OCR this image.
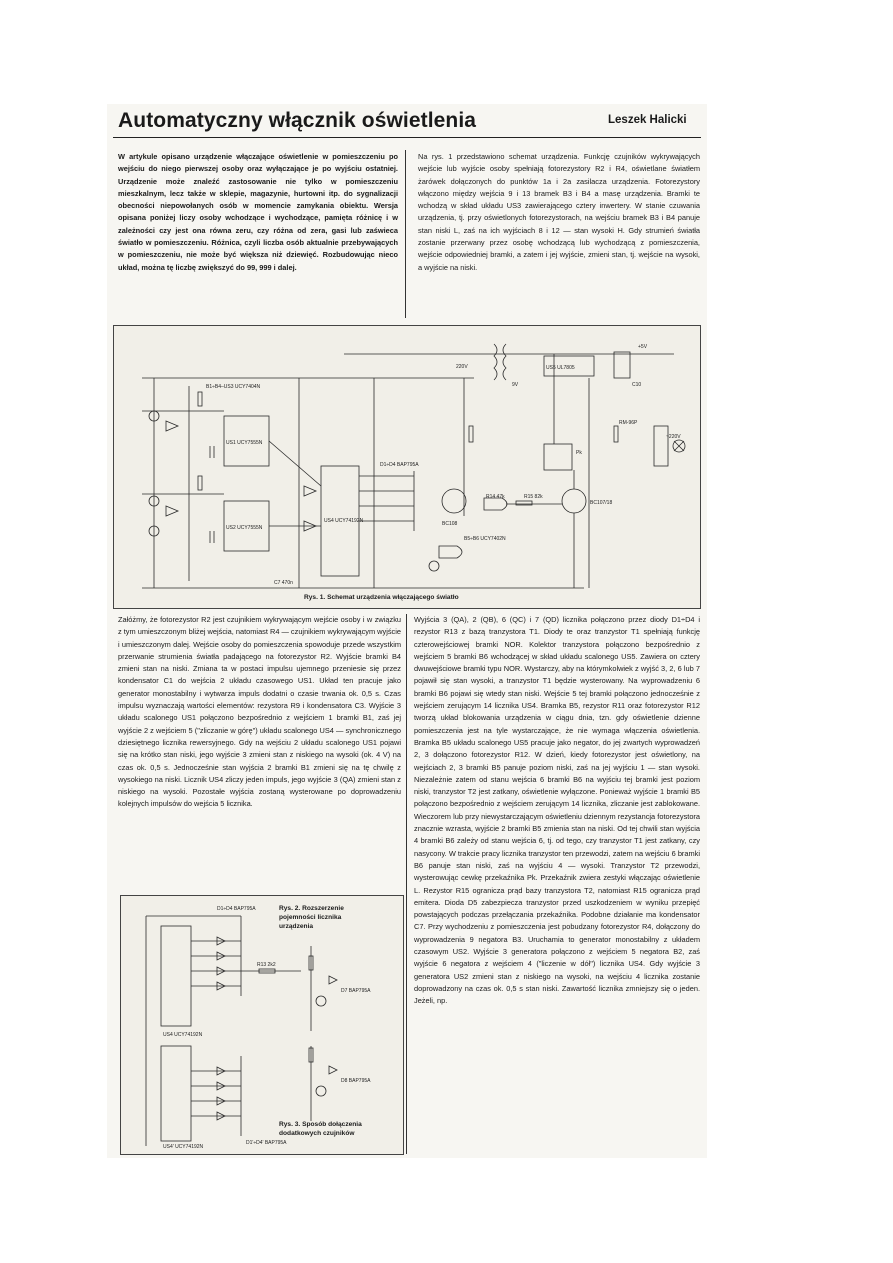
Automatyczny włącznik oświetlenia	Leszek Halicki
W artykule opisano urządzenie włączające oświetlenie w pomieszczeniu po wejściu do niego pierwszej osoby oraz wyłączające je po wyjściu ostatniej. Urządzenie może znaleźć zastosowanie nie tylko w pomieszczeniu mieszkalnym, lecz także w sklepie, magazynie, hurtowni itp. do sygnalizacji obecności niepowołanych osób w momencie zamykania obiektu. Wersja opisana poniżej liczy osoby wchodzące i wychodzące, pamięta różnicę i w zależności czy jest ona równa zeru, czy różna od zera, gasi lub zaświeca światło w pomieszczeniu. Różnica, czyli liczba osób aktualnie przebywających w pomieszczeniu, nie może być większa niż dziewięć. Rozbudowując nieco układ, można tę liczbę zwiększyć do 99, 999 i dalej.
Na rys. 1 przedstawiono schemat urządzenia. Funkcję czujników wykrywających wejście lub wyjście osoby spełniają fotorezystory R2 i R4, oświetlane światłem żarówek dołączonych do punktów 1a i 2a zasilacza urządzenia. Fotorezystory włączono między wejścia 9 i 13 bramek B3 i B4 a masę urządzenia. Bramki te wchodzą w skład układu US3 zawierającego cztery inwertery. W stanie czuwania urządzenia, tj. przy oświetlonych fotorezystorach, na wejściu bramek B3 i B4 panuje stan niski L, zaś na ich wyjściach 8 i 12 — stan wysoki H. Gdy strumień światła zostanie przerwany przez osobę wchodzącą lub wychodzącą z pomieszczenia, wejście odpowiedniej bramki, a zatem i jej wyjście, zmieni stan, tj. wejście na wysoki, a wyjście na niski.
B1÷B4–US3 UCY7404N
US1 UCY7555N
US2 UCY7555N
US4 UCY74192N
US5 UL7805
D1÷D4 BAP795A
B5÷B6 UCY7402N
BC108
BC107/18
Pk
RM-96P
C10
9V
220V
+5V
~220V
R14 47k	R15 82k
C7 470n
Rys. 1. Schemat urządzenia włączającego światło
Załóżmy, że fotorezystor R2 jest czujnikiem wykrywającym wejście osoby i w związku z tym umieszczonym bliżej wejścia, natomiast R4 — czujnikiem wykrywającym wyjście i umieszczonym dalej. Wejście osoby do pomieszczenia spowoduje przede wszystkim przerwanie strumienia światła padającego na fotorezystor R2. Wyjście bramki B4 zmieni stan na niski. Zmiana ta w postaci impulsu ujemnego przeniesie się przez kondensator C1 do wejścia 2 układu czasowego US1. Układ ten pracuje jako generator monostabilny i wytwarza impuls dodatni o czasie trwania ok. 0,5 s. Czas impulsu wyznaczają wartości elementów: rezystora R9 i kondensatora C3. Wyjście 3 układu scalonego US1 połączono bezpośrednio z wejściem 1 bramki B1, zaś jej wyjście 2 z wejściem 5 ("zliczanie w górę") układu scalonego US4 — synchronicznego dziesiętnego licznika rewersyjnego. Gdy na wejściu 2 układu scalonego US1 pojawi się na krótko stan niski, jego wyjście 3 zmieni stan z niskiego na wysoki (ok. 4 V) na czas ok. 0,5 s. Jednocześnie stan wyjścia 2 bramki B1 zmieni się na tę chwilę z wysokiego na niski. Licznik US4 zliczy jeden impuls, jego wyjście 3 (QA) zmieni stan z niskiego na wysoki. Pozostałe wyjścia zostaną wysterowane po doprowadzeniu kolejnych impulsów do wejścia 5 licznika.
Wyjścia 3 (QA), 2 (QB), 6 (QC) i 7 (QD) licznika połączono przez diody D1÷D4 i rezystor R13 z bazą tranzystora T1. Diody te oraz tranzystor T1 spełniają funkcję czterowejściowej bramki NOR. Kolektor tranzystora połączono bezpośrednio z wejściem 5 bramki B6 wchodzącej w skład układu scalonego US5. Zawiera on cztery dwuwejściowe bramki typu NOR. Wystarczy, aby na którymkolwiek z wyjść 3, 2, 6 lub 7 pojawił się stan wysoki, a tranzystor T1 będzie wysterowany. Na wyprowadzeniu 6 bramki B6 pojawi się wtedy stan niski. Wejście 5 tej bramki połączono jednocześnie z wejściem zerującym 14 licznika US4. Bramka B5, rezystor R11 oraz fotorezystor R12 tworzą układ blokowania urządzenia w ciągu dnia, tzn. gdy oświetlenie dzienne pomieszczenia jest na tyle wystarczające, że nie wymaga włączenia oświetlenia. Bramka B5 układu scalonego US5 pracuje jako negator, do jej zwartych wyprowadzeń 2, 3 dołączono fotorezystor R12. W dzień, kiedy fotorezystor jest oświetlony, na wejściach 2, 3 bramki B5 panuje poziom niski, zaś na jej wyjściu 1 — stan wysoki. Niezależnie zatem od stanu wejścia 6 bramki B6 na wyjściu tej bramki jest poziom niski, tranzystor T2 jest zatkany, oświetlenie wyłączone. Ponieważ wyjście 1 bramki B5 połączono bezpośrednio z wejściem zerującym 14 licznika, zliczanie jest zablokowane. Wieczorem lub przy niewystarczającym oświetleniu dziennym rezystancja fotorezystora znacznie wzrasta, wyjście 2 bramki B5 zmienia stan na niski. Od tej chwili stan wyjścia 4 bramki B6 zależy od stanu wejścia 6, tj. od tego, czy tranzystor T1 jest zatkany, czy nasycony. W trakcie pracy licznika tranzystor ten przewodzi, zatem na wejściu 6 bramki B6 panuje stan niski, zaś na wyjściu 4 — wysoki. Tranzystor T2 przewodzi, wysterowując cewkę przekaźnika Pk. Przekaźnik zwiera zestyki włączając oświetlenie L. Rezystor R15 ogranicza prąd bazy tranzystora T2, natomiast R15 ogranicza prąd emitera. Dioda D5 zabezpiecza tranzystor przed uszkodzeniem w wyniku przepięć powstających podczas przełączania przekaźnika. Podobne działanie ma kondensator C7. Przy wychodzeniu z pomieszczenia jest pobudzany fotorezystor R4, dołączony do wyprowadzenia 9 negatora B3. Uruchamia to generator monostabilny z układem czasowym US2. Wyjście 3 generatora połączono z wejściem 5 negatora B2, zaś wyjście 6 negatora z wejściem 4 ("liczenie w dół") licznika US4. Gdy wyjście 3 generatora US2 zmieni stan z niskiego na wysoki, na wejściu 4 licznika zostanie doprowadzony na czas ok. 0,5 s stan niski. Zawartość licznika zmniejszy się o jeden. Jeżeli, np.
D1÷D4 BAP795A
US4 UCY74192N
US4' UCY74192N
R13 2k2
D1'÷D4' BAP795A
D7 BAP795A
D8 BAP795A
Rys. 2. Rozszerzenie pojemności licznika urządzenia
Rys. 3. Sposób dołączenia dodatkowych czujników
